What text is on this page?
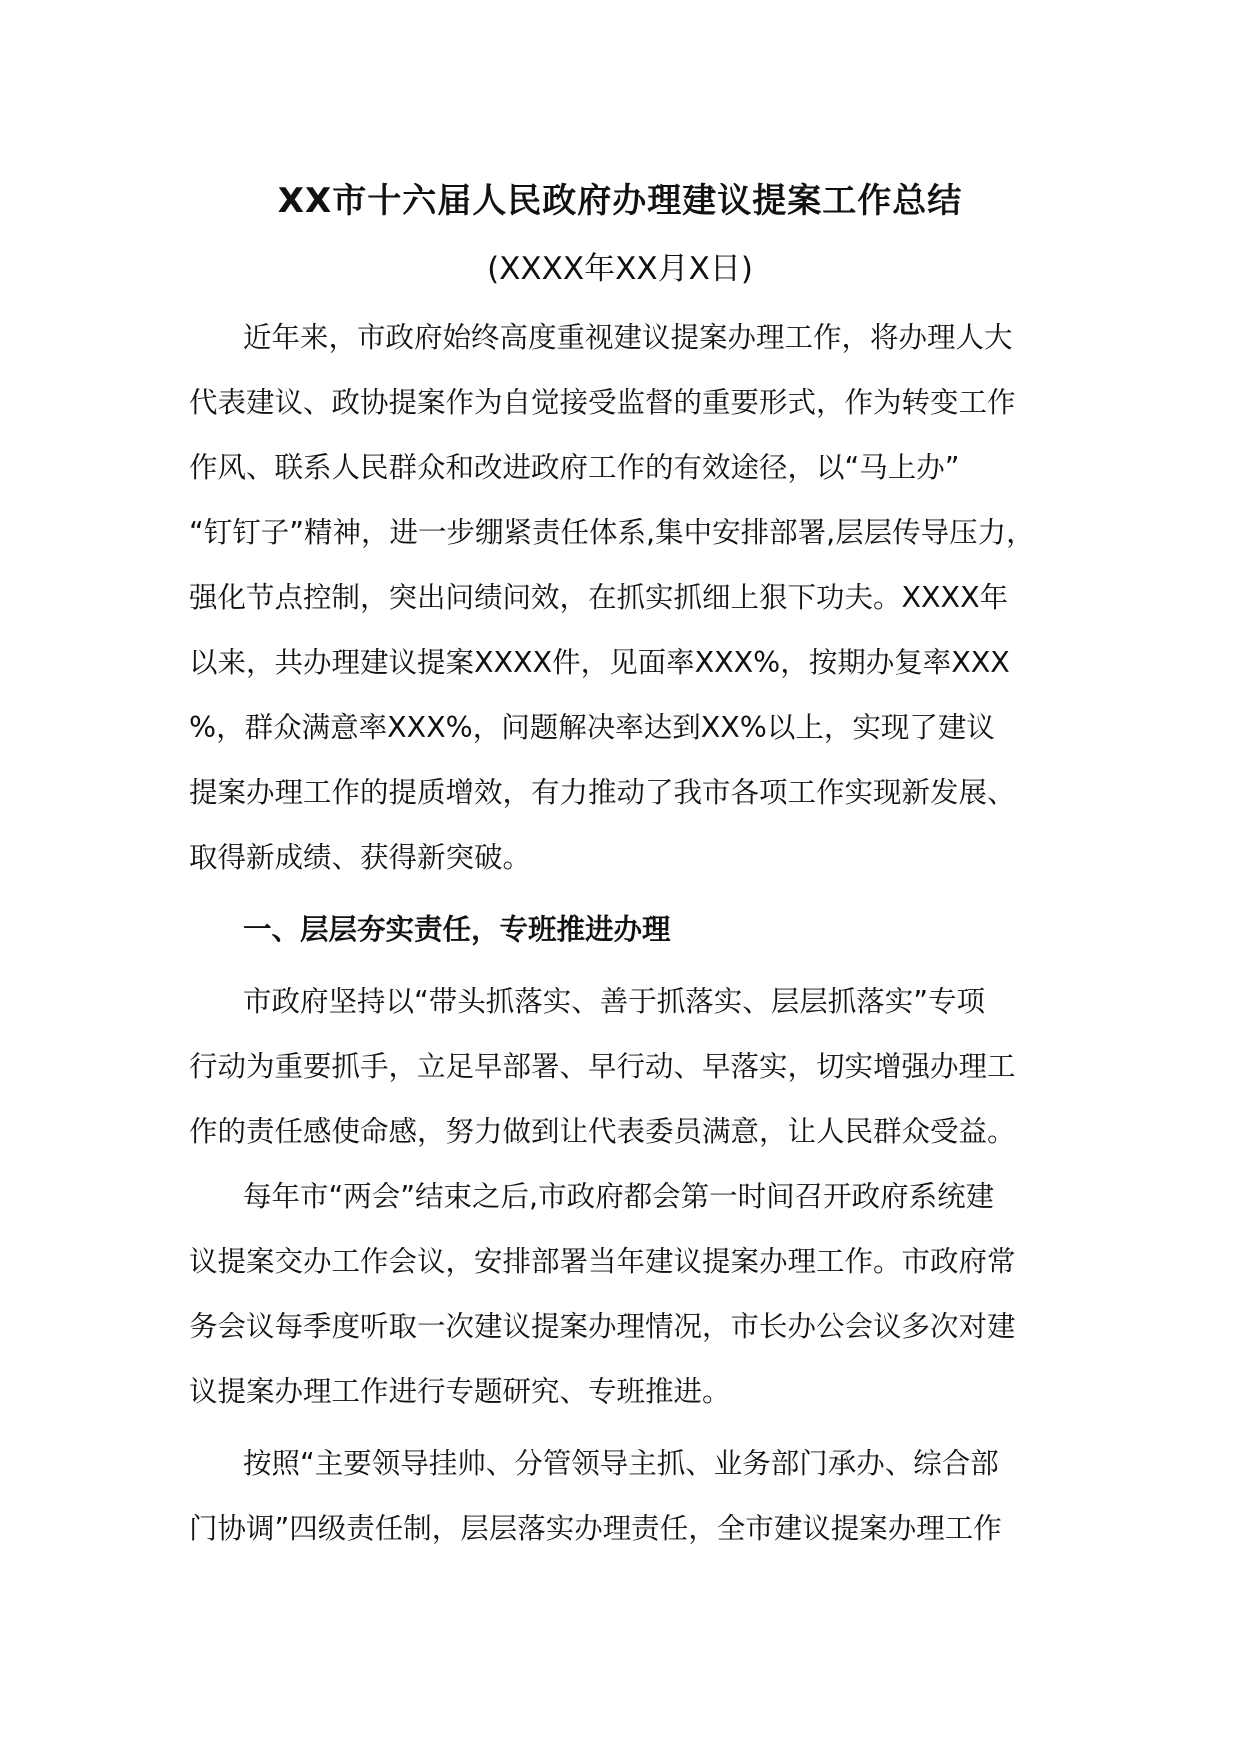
XX市十六届人民政府办理建议提案工作总结
(XXXX年XX月X日)
近年来，市政府始终高度重视建议提案办理工作，将办理人大
代表建议、政协提案作为自觉接受监督的重要形式，作为转变工作
作风、联系人民群众和改进政府工作的有效途径，以“马上办”
“钉钉子”精神，进一步绷紧责任体系,集中安排部署,层层传导压力，
强化节点控制，突出问绩问效，在抓实抓细上狠下功夫。XXXX年
以来，共办理建议提案XXXX件，见面率XXX%，按期办复率XXX
%，群众满意率XXX%，问题解决率达到XX%以上，实现了建议
提案办理工作的提质增效，有力推动了我市各项工作实现新发展、
取得新成绩、获得新突破。
一、层层夯实责任，专班推进办理
市政府坚持以“带头抓落实、善于抓落实、层层抓落实”专项
行动为重要抓手，立足早部署、早行动、早落实，切实增强办理工
作的责任感使命感，努力做到让代表委员满意，让人民群众受益。
每年市“两会”结束之后,市政府都会第一时间召开政府系统建
议提案交办工作会议，安排部署当年建议提案办理工作。市政府常
务会议每季度听取一次建议提案办理情况，市长办公会议多次对建
议提案办理工作进行专题研究、专班推进。
按照“主要领导挂帅、分管领导主抓、业务部门承办、综合部
门协调”四级责任制，层层落实办理责任，全市建议提案办理工作
